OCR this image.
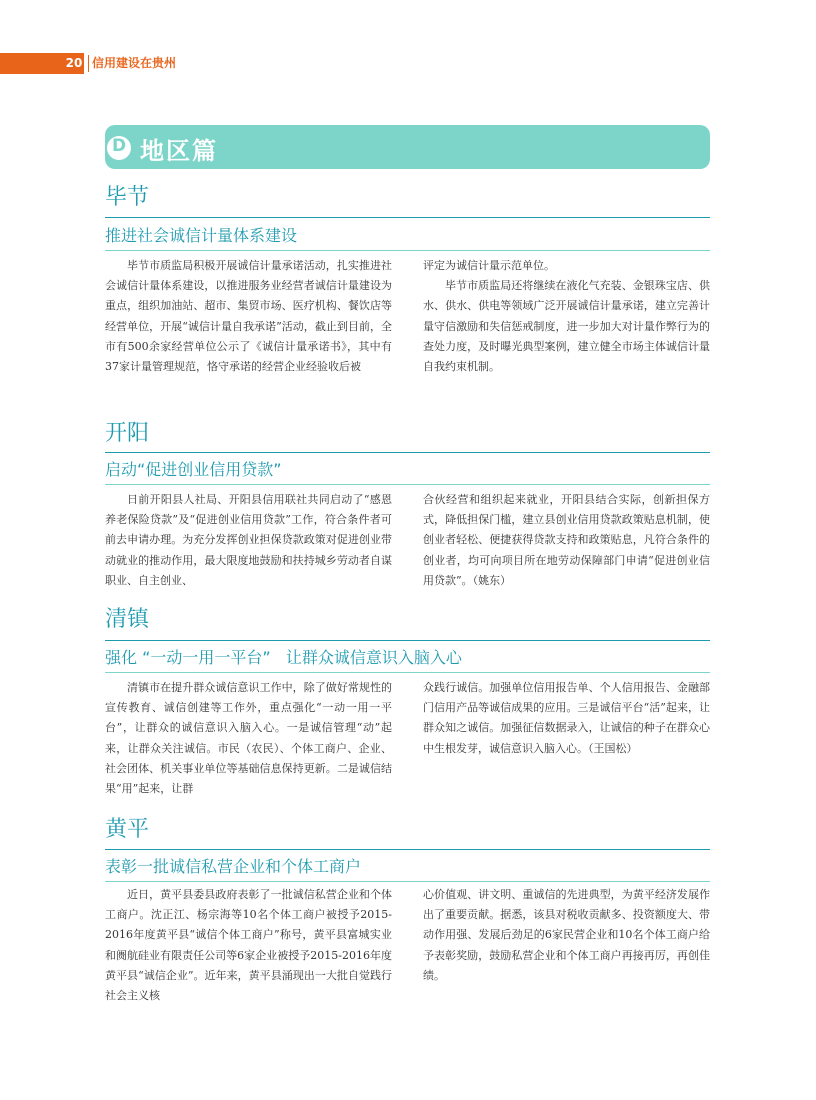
20 信用建设在贵州
D 地区篇
毕节
推进社会诚信计量体系建设

毕节市质监局积极开展诚信计量承诺活动，扎实推进社会诚信计量体系建设，以推进服务业经营者诚信计量建设为重点，组织加油站、超市、集贸市场、医疗机构、餐饮店等经营单位，开展“诚信计量自我承诺”活动，截止到目前，全市有500余家经营单位公示了《诚信计量承诺书》，其中有37家计量管理规范，恪守承诺的经营企业经验收后被

评定为诚信计量示范单位。

毕节市质监局还将继续在液化气充装、金银珠宝店、供水、供水、供电等领域广泛开展诚信计量承诺，建立完善计量守信激励和失信惩戒制度，进一步加大对计量作弊行为的查处力度，及时曝光典型案例，建立健全市场主体诚信计量自我约束机制。

开阳
启动“促进创业信用贷款”

日前开阳县人社局、开阳县信用联社共同启动了“感恩养老保险贷款”及“促进创业信用贷款”工作，符合条件者可前去申请办理。为充分发挥创业担保贷款政策对促进创业带动就业的推动作用，最大限度地鼓励和扶持城乡劳动者自谋职业、自主创业、

合伙经营和组织起来就业，开阳县结合实际，创新担保方式，降低担保门槛，建立县创业信用贷款政策贴息机制，使创业者轻松、便捷获得贷款支持和政策贴息，凡符合条件的创业者，均可向项目所在地劳动保障部门申请“促进创业信用贷款”。（姚东）

清镇
强化 “一动一用一平台”   让群众诚信意识入脑入心

清镇市在提升群众诚信意识工作中，除了做好常规性的宣传教育、诚信创建等工作外，重点强化“一动一用一平台”，让群众的诚信意识入脑入心。一是诚信管理“动”起来，让群众关注诚信。市民（农民）、个体工商户、企业、社会团体、机关事业单位等基础信息保持更新。二是诚信结果“用”起来，让群

众践行诚信。加强单位信用报告单、个人信用报告、金融部门信用产品等诚信成果的应用。三是诚信平台“活”起来，让群众知之诚信。加强征信数据录入，让诚信的种子在群众心中生根发芽，诚信意识入脑入心。（王国松）

黄平
表彰一批诚信私营企业和个体工商户

近日，黄平县委县政府表彰了一批诚信私营企业和个体工商户。沈正江、杨宗海等10名个体工商户被授予2015-2016年度黄平县“诚信个体工商户”称号，黄平县富城实业和阓航硅业有限责任公司等6家企业被授予2015-2016年度黄平县“诚信企业”。近年来，黄平县涌现出一大批自觉践行社会主义核

心价值观、讲文明、重诚信的先进典型，为黄平经济发展作出了重要贡献。据悉，该县对税收贡献多、投资额度大、带动作用强、发展后劲足的6家民营企业和10名个体工商户给予表彰奖励，鼓励私营企业和个体工商户再接再厉，再创佳绩。
